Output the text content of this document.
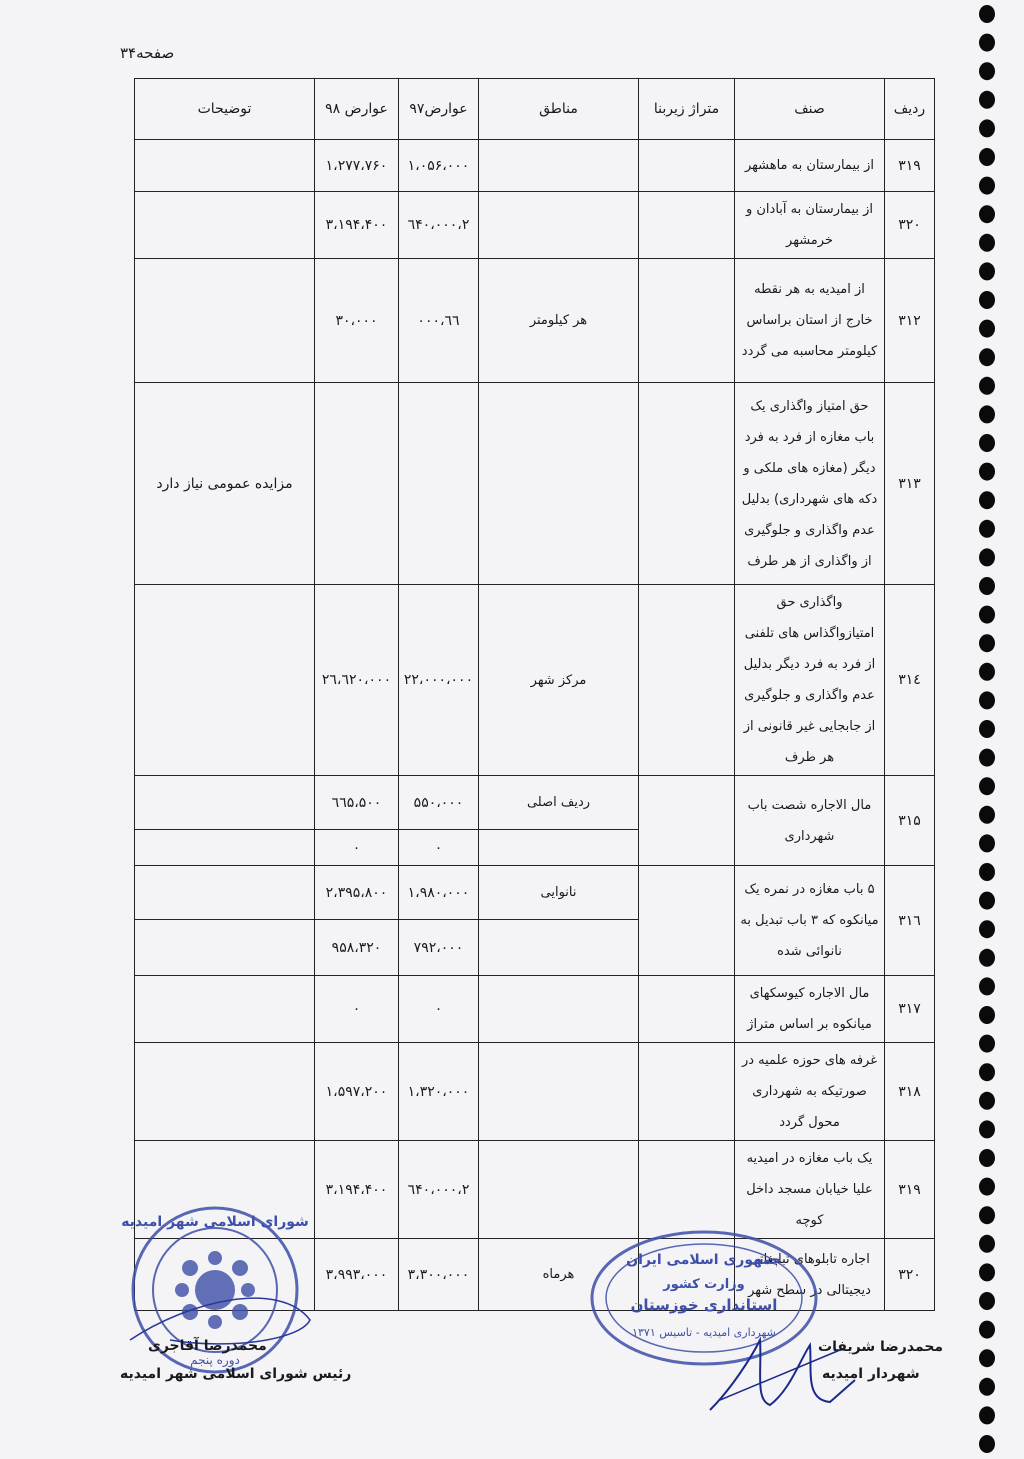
صفحه۳۴
ردیف	صنف	متراژ زیربنا	مناطق	عوارض۹۷	عوارض ۹۸	توضیحات
۳۱۹	از بیمارستان به ماهشهر			۱،۰۵۶،۰۰۰	۱،۲۷۷،۷۶۰	
۳۲۰	از بیمارستان به آبادان و خرمشهر			۲،٦۴۰،۰۰۰	۳،۱۹۴،۴۰۰	
۳۱۲	از امیدیه به هر نقطه خارج از استان براساس کیلومتر محاسبه می گردد		هر کیلومتر	٦٦،۰۰۰	۳۰،۰۰۰	
۳۱۳	حق امتیاز واگذاری یک باب مغازه از فرد به فرد دیگر (مغازه های ملکی و دکه های شهرداری) بدلیل عدم واگذاری و جلوگیری از واگذاری از هر طرف					مزایده عمومی نیاز دارد
۳۱٤	واگذاری حق امتیازواگذاس های تلفنی از فرد به فرد دیگر بدلیل عدم واگذاری و جلوگیری از جابجایی غیر قانونی از هر طرف		مرکز شهر	۲۲،۰۰۰،۰۰۰	۲٦،٦۲۰،۰۰۰	
۳۱۵	مال الاجاره شصت باب شهرداری		ردیف اصلی	۵۵۰،۰۰۰	٦٦۵،۵۰۰	
				۰	۰	
۳۱٦	۵ باب مغازه در نمره یک میانکوه که ۳ باب تبدیل به نانوائی شده		نانوایی	۱،۹۸۰،۰۰۰	۲،۳۹۵،۸۰۰	
				۷۹۲،۰۰۰	۹۵۸،۳۲۰	
۳۱۷	مال الاجاره کیوسکهای میانکوه بر اساس متراژ			۰	۰	
۳۱۸	غرفه های حوزه علمیه در صورتیکه به شهرداری محول گردد			۱،۳۲۰،۰۰۰	۱،۵۹۷،۲۰۰	
۳۱۹	یک باب مغازه در امیدیه علیا خیابان مسجد داخل کوچه			۲،٦۴۰،۰۰۰	۳،۱۹۴،۴۰۰	
۳۲۰	اجاره تابلوهای تبلیغاتی دیجیتالی در سطح شهر		هرماه	۳،۳۰۰،۰۰۰	۳،۹۹۳،۰۰۰	
شورای اسلامی شهر امیدیه
دوره پنجم
جمهوری اسلامی ایران
وزارت کشور
استانداری خوزستان
شهرداری امیدیه - تاسیس ۱۳۷۱
محمدرضا آقاجری
رئیس شورای اسلامی شهر امیدیه
محمدرضا شریفات
شهردار امیدیه
